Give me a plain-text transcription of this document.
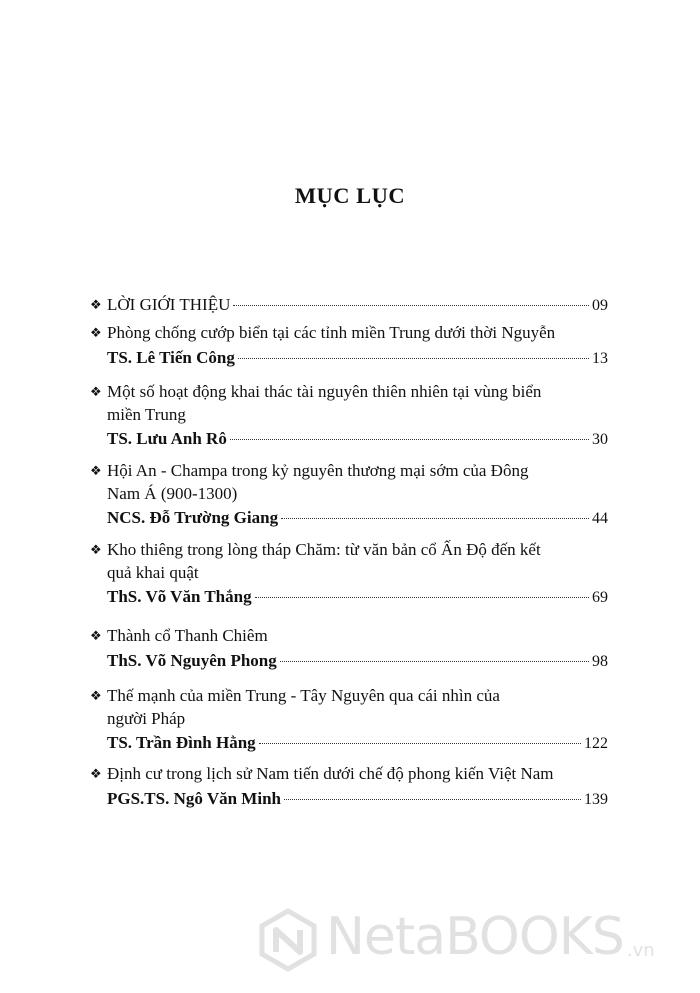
MỤC LỤC
❖ LỜI GIỚI THIỆU	09
❖ Phòng chống cướp biển tại các tỉnh miền Trung dưới thời Nguyễn
TS. Lê Tiến Công	13
❖ Một số hoạt động khai thác tài nguyên thiên nhiên tại vùng biển
miền Trung
TS. Lưu Anh Rô	30
❖ Hội An - Champa trong kỷ nguyên thương mại sớm của Đông
Nam Á (900-1300)
NCS. Đỗ Trường Giang	44
❖ Kho thiêng trong lòng tháp Chăm: từ văn bản cổ Ấn Độ đến kết
quả khai quật
ThS. Võ Văn Thắng	69
❖ Thành cổ Thanh Chiêm
ThS. Võ Nguyên Phong	98
❖ Thế mạnh của miền Trung - Tây Nguyên qua cái nhìn của
người Pháp
TS. Trần Đình Hằng	122
❖ Định cư trong lịch sử Nam tiến dưới chế độ phong kiến Việt Nam
PGS.TS. Ngô Văn Minh	139
NetaBOOKS .vn
